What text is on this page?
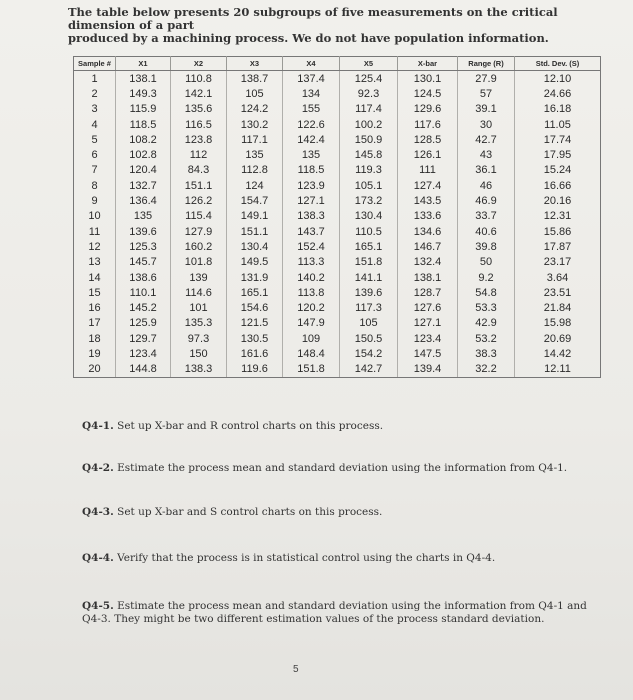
The table below presents 20 subgroups of five measurements on the critical dimension of a part
produced by a machining process. We do not have population information.
Sample #	X1	X2	X3	X4	X5	X-bar	Range (R)	Std. Dev. (S)
1	138.1	110.8	138.7	137.4	125.4	130.1	27.9	12.10
2	149.3	142.1	105	134	92.3	124.5	57	24.66
3	115.9	135.6	124.2	155	117.4	129.6	39.1	16.18
4	118.5	116.5	130.2	122.6	100.2	117.6	30	11.05
5	108.2	123.8	117.1	142.4	150.9	128.5	42.7	17.74
6	102.8	112	135	135	145.8	126.1	43	17.95
7	120.4	84.3	112.8	118.5	119.3	111	36.1	15.24
8	132.7	151.1	124	123.9	105.1	127.4	46	16.66
9	136.4	126.2	154.7	127.1	173.2	143.5	46.9	20.16
10	135	115.4	149.1	138.3	130.4	133.6	33.7	12.31
11	139.6	127.9	151.1	143.7	110.5	134.6	40.6	15.86
12	125.3	160.2	130.4	152.4	165.1	146.7	39.8	17.87
13	145.7	101.8	149.5	113.3	151.8	132.4	50	23.17
14	138.6	139	131.9	140.2	141.1	138.1	9.2	3.64
15	110.1	114.6	165.1	113.8	139.6	128.7	54.8	23.51
16	145.2	101	154.6	120.2	117.3	127.6	53.3	21.84
17	125.9	135.3	121.5	147.9	105	127.1	42.9	15.98
18	129.7	97.3	130.5	109	150.5	123.4	53.2	20.69
19	123.4	150	161.6	148.4	154.2	147.5	38.3	14.42
20	144.8	138.3	119.6	151.8	142.7	139.4	32.2	12.11
Q4-1. Set up X-bar and R control charts on this process.
Q4-2. Estimate the process mean and standard deviation using the information from Q4-1.
Q4-3. Set up X-bar and S control charts on this process.
Q4-4. Verify that the process is in statistical control using the charts in Q4-4.
Q4-5. Estimate the process mean and standard deviation using the information from Q4-1 and
Q4-3. They might be two different estimation values of the process standard deviation.
5
